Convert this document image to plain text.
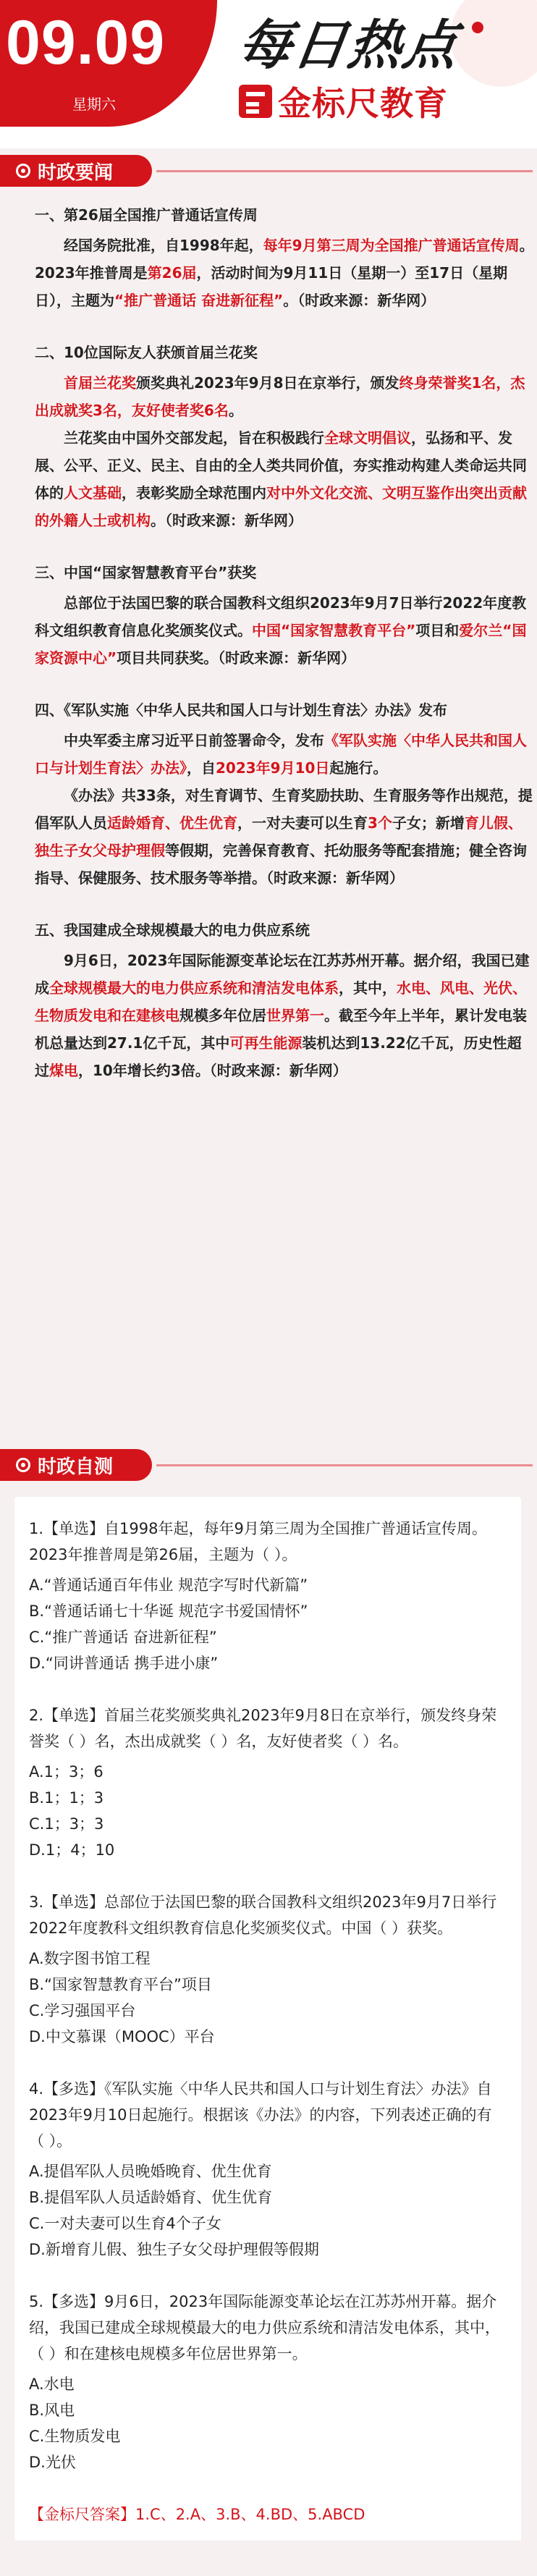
09.09
星期六
每日热点
金标尺教育
时政要闻

一、第26届全国推广普通话宣传周

经国务院批准，自1998年起，每年9月第三周为全国推广普通话宣传周。2023年推普周是第26届，活动时间为9月11日（星期一）至17日（星期日），主题为“推广普通话 奋进新征程”。（时政来源：新华网）

二、10位国际友人获颁首届兰花奖

首届兰花奖颁奖典礼2023年9月8日在京举行，颁发终身荣誉奖1名，杰出成就奖3名，友好使者奖6名。

兰花奖由中国外交部发起，旨在积极践行全球文明倡议，弘扬和平、发展、公平、正义、民主、自由的全人类共同价值，夯实推动构建人类命运共同体的人文基础，表彰奖励全球范围内对中外文化交流、文明互鉴作出突出贡献的外籍人士或机构。（时政来源：新华网）

三、中国“国家智慧教育平台”获奖

总部位于法国巴黎的联合国教科文组织2023年9月7日举行2022年度教科文组织教育信息化奖颁奖仪式。中国“国家智慧教育平台”项目和爱尔兰“国家资源中心”项目共同获奖。（时政来源：新华网）

四、《军队实施〈中华人民共和国人口与计划生育法〉办法》发布

中央军委主席习近平日前签署命令，发布《军队实施〈中华人民共和国人口与计划生育法〉办法》，自2023年9月10日起施行。

《办法》共33条，对生育调节、生育奖励扶助、生育服务等作出规范，提倡军队人员适龄婚育、优生优育，一对夫妻可以生育3个子女；新增育儿假、独生子女父母护理假等假期，完善保育教育、托幼服务等配套措施；健全咨询指导、保健服务、技术服务等举措。（时政来源：新华网）

五、我国建成全球规模最大的电力供应系统

9月6日，2023年国际能源变革论坛在江苏苏州开幕。据介绍，我国已建成全球规模最大的电力供应系统和清洁发电体系，其中，水电、风电、光伏、生物质发电和在建核电规模多年位居世界第一。截至今年上半年，累计发电装机总量达到27.1亿千瓦，其中可再生能源装机达到13.22亿千瓦，历史性超过煤电，10年增长约3倍。（时政来源：新华网）

时政自测

1.【单选】自1998年起，每年9月第三周为全国推广普通话宣传周。2023年推普周是第26届，主题为（ ）。

A.“普通话通百年伟业 规范字写时代新篇”

B.“普通话诵七十华诞 规范字书爱国情怀”

C.“推广普通话 奋进新征程”

D.“同讲普通话 携手进小康”

2.【单选】首届兰花奖颁奖典礼2023年9月8日在京举行，颁发终身荣誉奖（ ）名，杰出成就奖（ ）名，友好使者奖（ ）名。

A.1；3；6

B.1；1；3

C.1；3；3

D.1；4；10

3.【单选】总部位于法国巴黎的联合国教科文组织2023年9月7日举行2022年度教科文组织教育信息化奖颁奖仪式。中国（ ）获奖。

A.数字图书馆工程

B.“国家智慧教育平台”项目

C.学习强国平台

D.中文慕课（MOOC）平台

4.【多选】《军队实施〈中华人民共和国人口与计划生育法〉办法》自2023年9月10日起施行。根据该《办法》的内容，下列表述正确的有（ ）。

A.提倡军队人员晚婚晚育、优生优育

B.提倡军队人员适龄婚育、优生优育

C.一对夫妻可以生育4个子女

D.新增育儿假、独生子女父母护理假等假期

5.【多选】9月6日，2023年国际能源变革论坛在江苏苏州开幕。据介绍，我国已建成全球规模最大的电力供应系统和清洁发电体系，其中，（ ）和在建核电规模多年位居世界第一。

A.水电

B.风电

C.生物质发电

D.光伏

【金标尺答案】1.C、2.A、3.B、4.BD、5.ABCD
